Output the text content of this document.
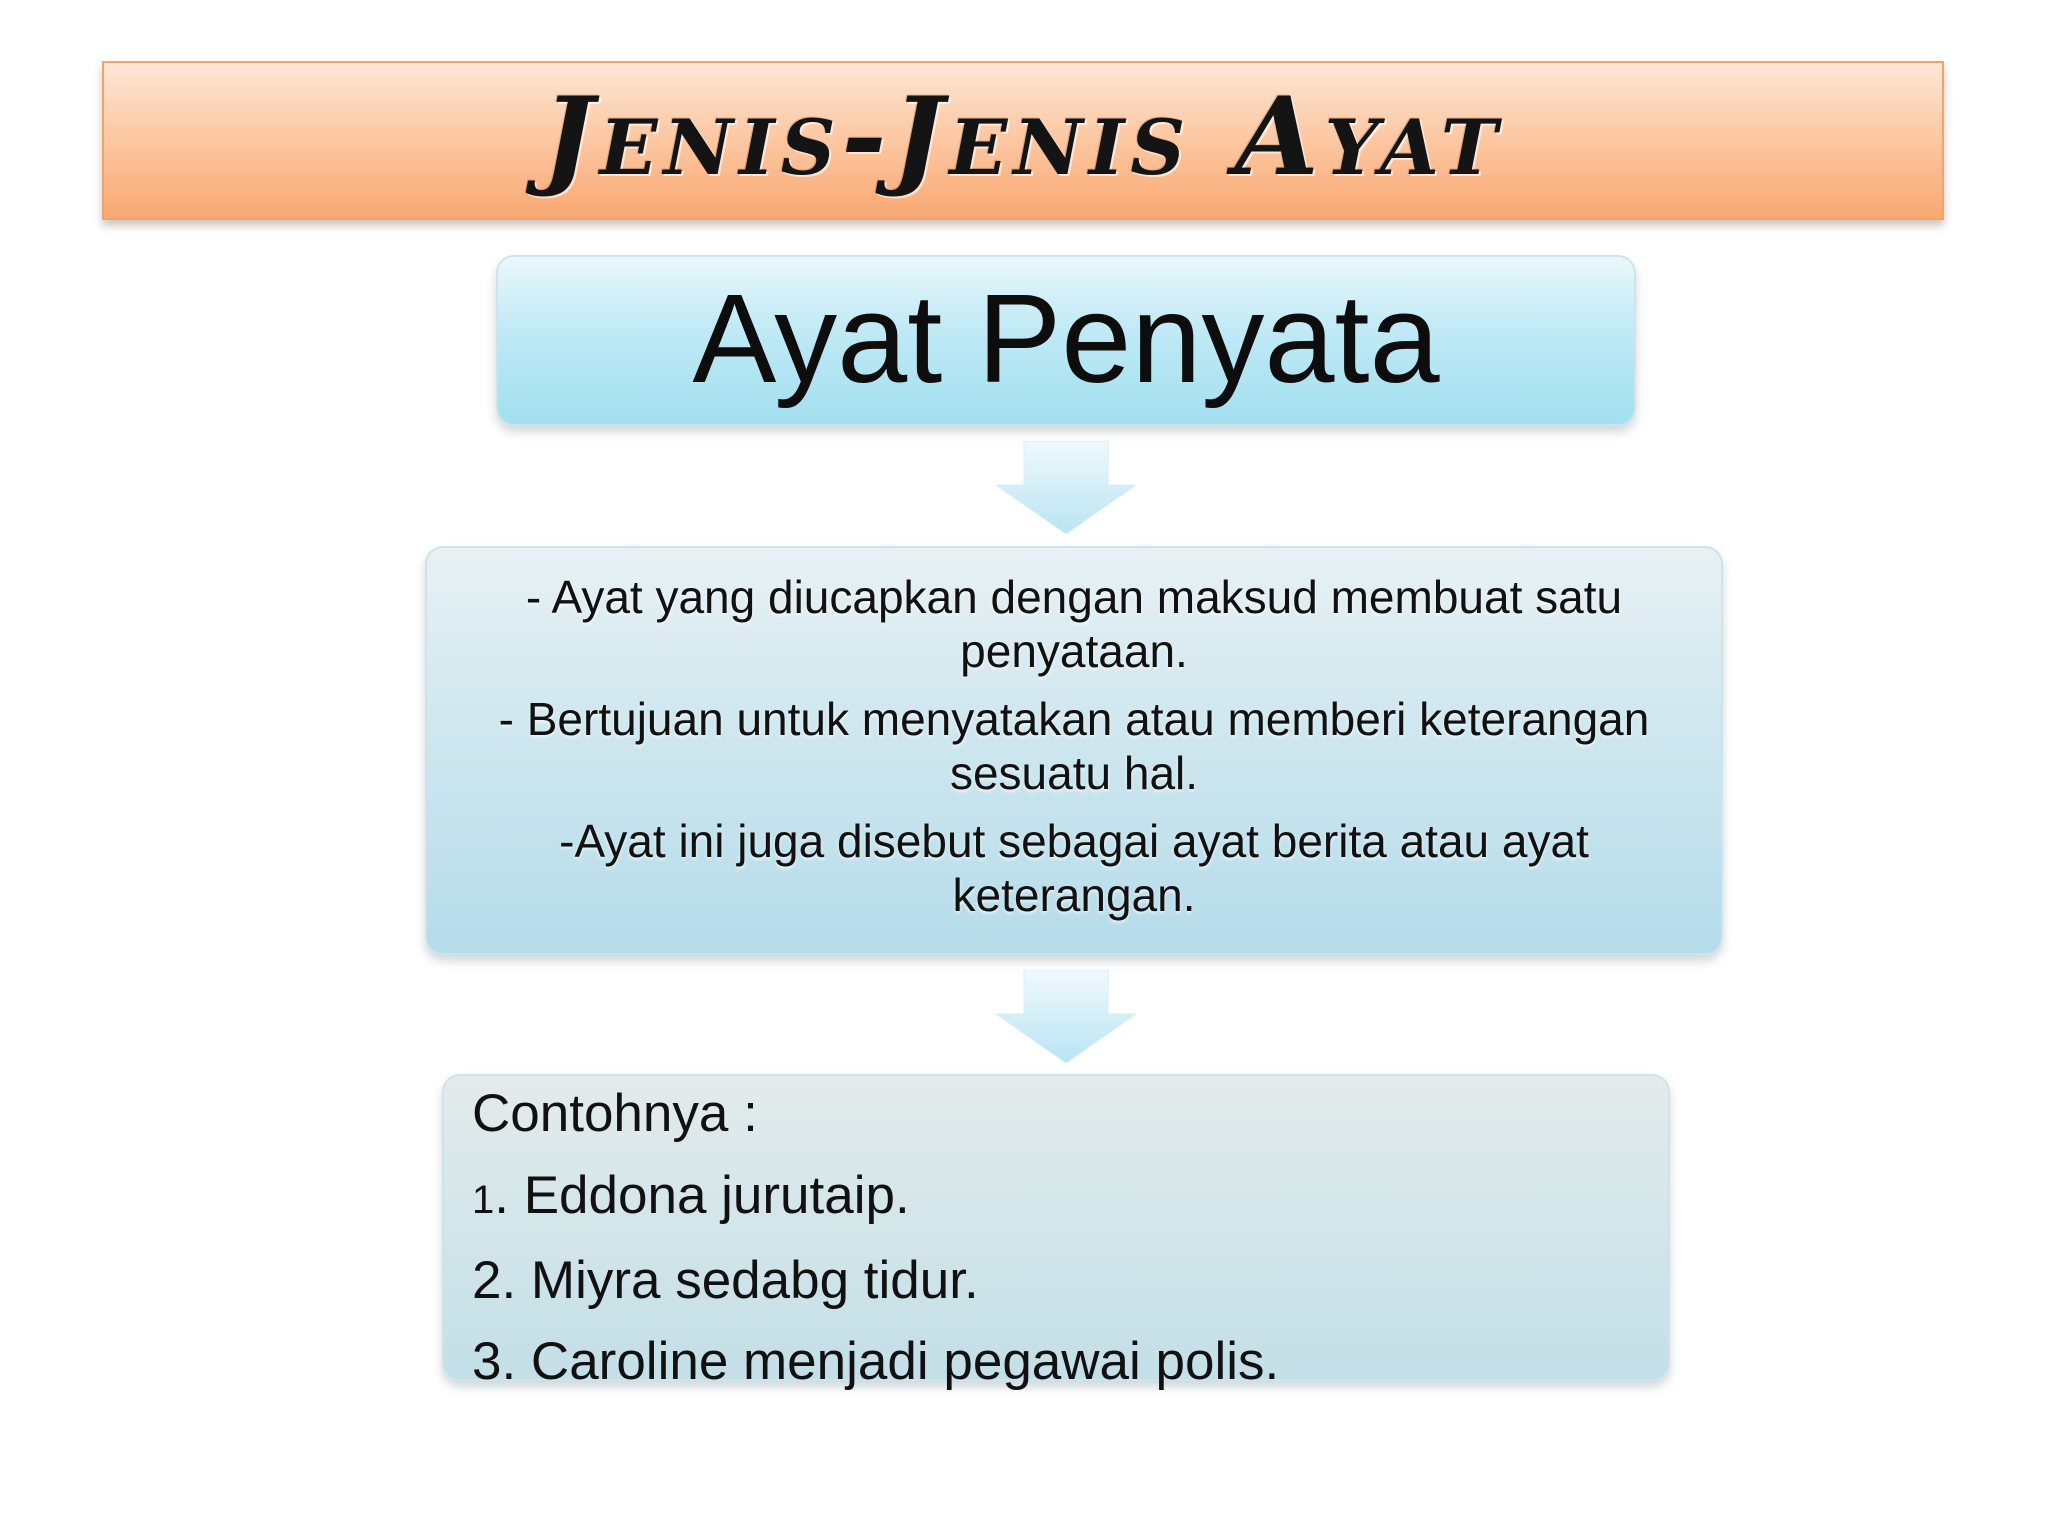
Jenis-Jenis Ayat
Ayat Penyata

- Ayat yang diucapkan dengan maksud membuat satu penyataan.

- Bertujuan untuk menyatakan atau memberi keterangan sesuatu hal.

-Ayat ini juga disebut sebagai ayat berita atau ayat keterangan.

Contohnya :
1. Eddona jurutaip.
2. Miyra sedabg tidur.
3. Caroline menjadi pegawai polis.
